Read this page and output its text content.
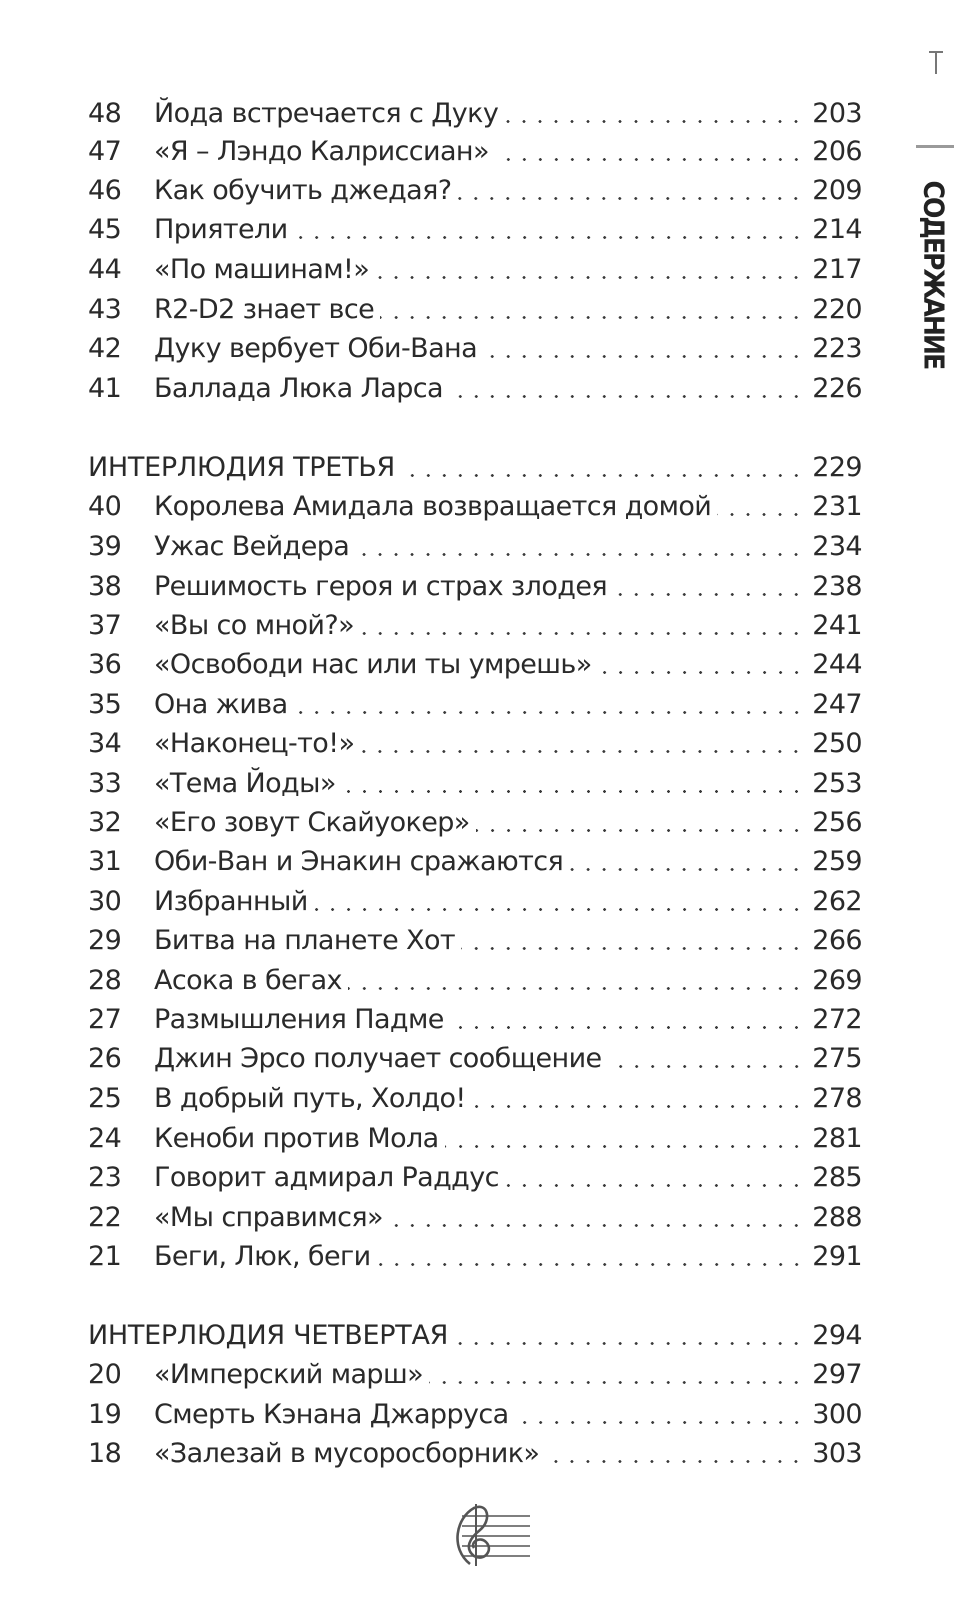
48	Йода встречается с Дуку	203
47	«Я – Лэндо Калриссиан»	206
46	Как обучить джедая?	209
45	Приятели	214
44	«По машинам!»	217
43	R2-D2 знает все	220
42	Дуку вербует Оби-Вана	223
41	Баллада Люка Ларса	226
ИНТЕРЛЮДИЯ ТРЕТЬЯ	229
40	Королева Амидала возвращается домой	231
39	Ужас Вейдера	234
38	Решимость героя и страх злодея	238
37	«Вы со мной?»	241
36	«Освободи нас или ты умрешь»	244
35	Она жива	247
34	«Наконец-то!»	250
33	«Тема Йоды»	253
32	«Его зовут Скайуокер»	256
31	Оби-Ван и Энакин сражаются	259
30	Избранный	262
29	Битва на планете Хот	266
28	Асока в бегах	269
27	Размышления Падме	272
26	Джин Эрсо получает сообщение	275
25	В добрый путь, Холдо!	278
24	Кеноби против Мола	281
23	Говорит адмирал Раддус	285
22	«Мы справимся»	288
21	Беги, Люк, беги	291
ИНТЕРЛЮДИЯ ЧЕТВЕРТАЯ	294
20	«Имперский марш»	297
19	Смерть Кэнана Джарруса	300
18	«Залезай в мусоросборник»	303
СОДЕРЖАНИЕ
